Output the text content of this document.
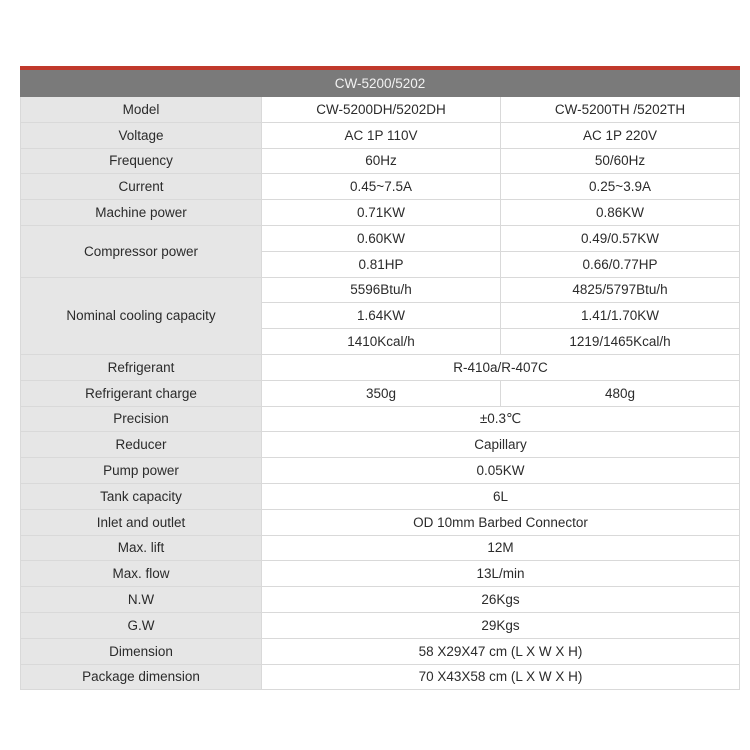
CW-5200/5202		
Model	CW-5200DH/5202DH	CW-5200TH /5202TH
Voltage	AC 1P 110V	AC 1P 220V
Frequency	60Hz	50/60Hz
Current	0.45~7.5A	0.25~3.9A
Machine power	0.71KW	0.86KW
Compressor power	0.60KW	0.49/0.57KW
	0.81HP	0.66/0.77HP
Nominal cooling capacity	5596Btu/h	4825/5797Btu/h
	1.64KW	1.41/1.70KW
	1410Kcal/h	1219/1465Kcal/h
Refrigerant	R-410a/R-407C	
Refrigerant charge	350g	480g
Precision	±0.3℃	
Reducer	Capillary	
Pump power	0.05KW	
Tank capacity	6L	
Inlet and outlet	OD 10mm Barbed Connector	
Max. lift	12M	
Max. flow	13L/min	
N.W	26Kgs	
G.W	29Kgs	
Dimension	58 X29X47 cm (L X W X H)	
Package dimension	70 X43X58 cm (L X W X H)	
